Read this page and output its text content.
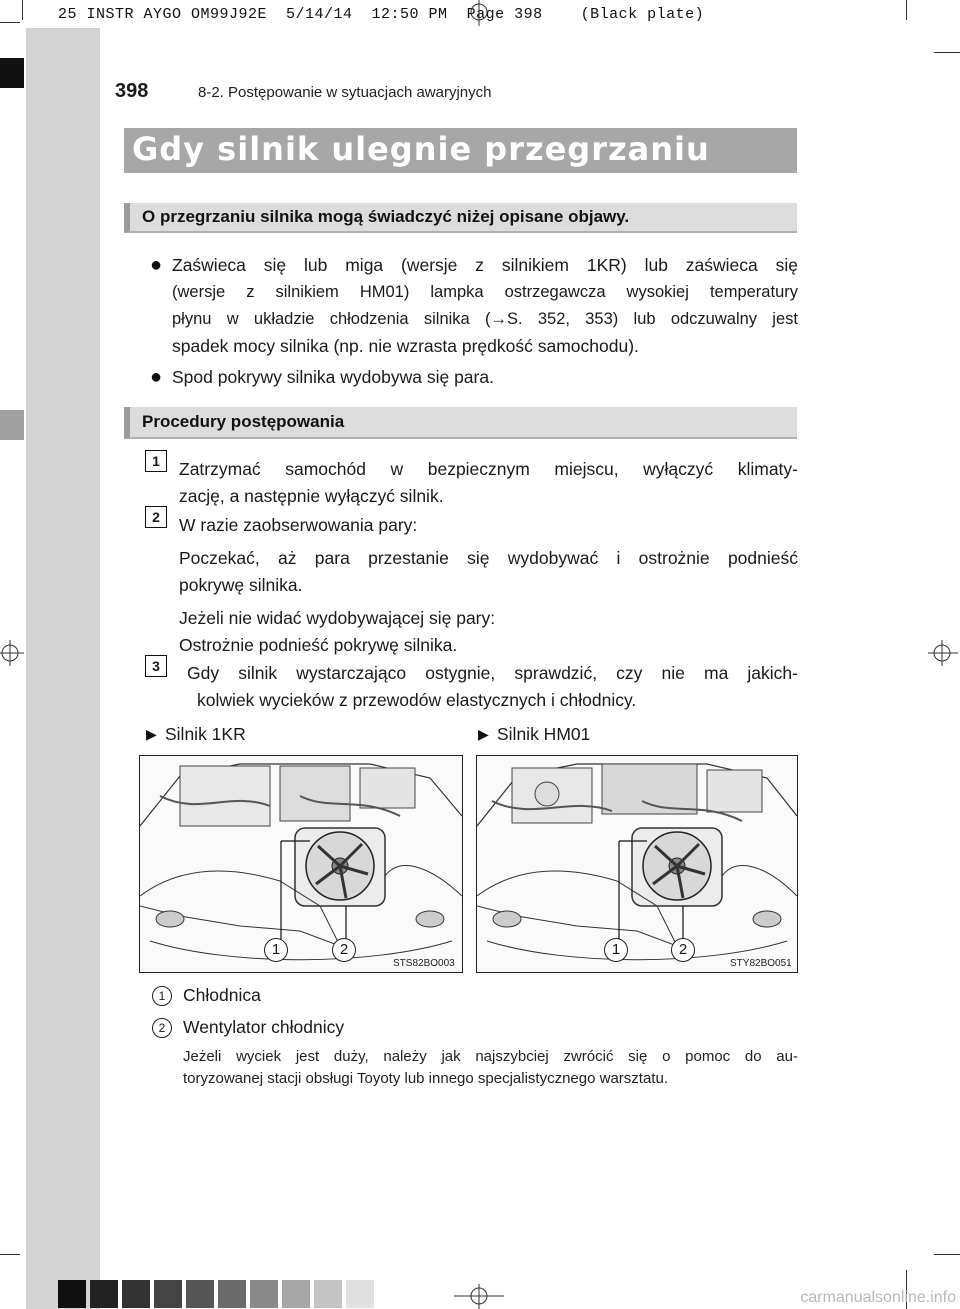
25 INSTR AYGO OM99J92E  5/14/14  12:50 PM  Page 398    (Black plate)
398	8-2. Postępowanie w sytuacjach awaryjnych
Gdy silnik ulegnie przegrzaniu
O przegrzaniu silnika mogą świadczyć niżej opisane objawy.
● Zaświeca się lub miga (wersje z silnikiem 1KR) lub zaświeca się
(wersje z silnikiem HM01) lampka ostrzegawcza wysokiej temperatury
płynu w układzie chłodzenia silnika (→S. 352, 353) lub odczuwalny jest
spadek mocy silnika (np. nie wzrasta prędkość samochodu).
● Spod pokrywy silnika wydobywa się para.
Procedury postępowania
1	Zatrzymać samochód w bezpiecznym miejscu, wyłączyć klimaty-
zację, a następnie wyłączyć silnik.
2	W razie zaobserwowania pary:
Poczekać, aż para przestanie się wydobywać i ostrożnie podnieść
pokrywę silnika.
Jeżeli nie widać wydobywającej się pary:
Ostrożnie podnieść pokrywę silnika.
3	Gdy silnik wystarczająco ostygnie, sprawdzić, czy nie ma jakich-
kolwiek wycieków z przewodów elastycznych i chłodnicy.
▶ Silnik 1KR	▶ Silnik HM01
1	2
STS82BO003
1	2
STY82BO051
1	Chłodnica
2	Wentylator chłodnicy
Jeżeli wyciek jest duży, należy jak najszybciej zwrócić się o pomoc do au-
toryzowanej stacji obsługi Toyoty lub innego specjalistycznego warsztatu.
carmanualsonline.info
